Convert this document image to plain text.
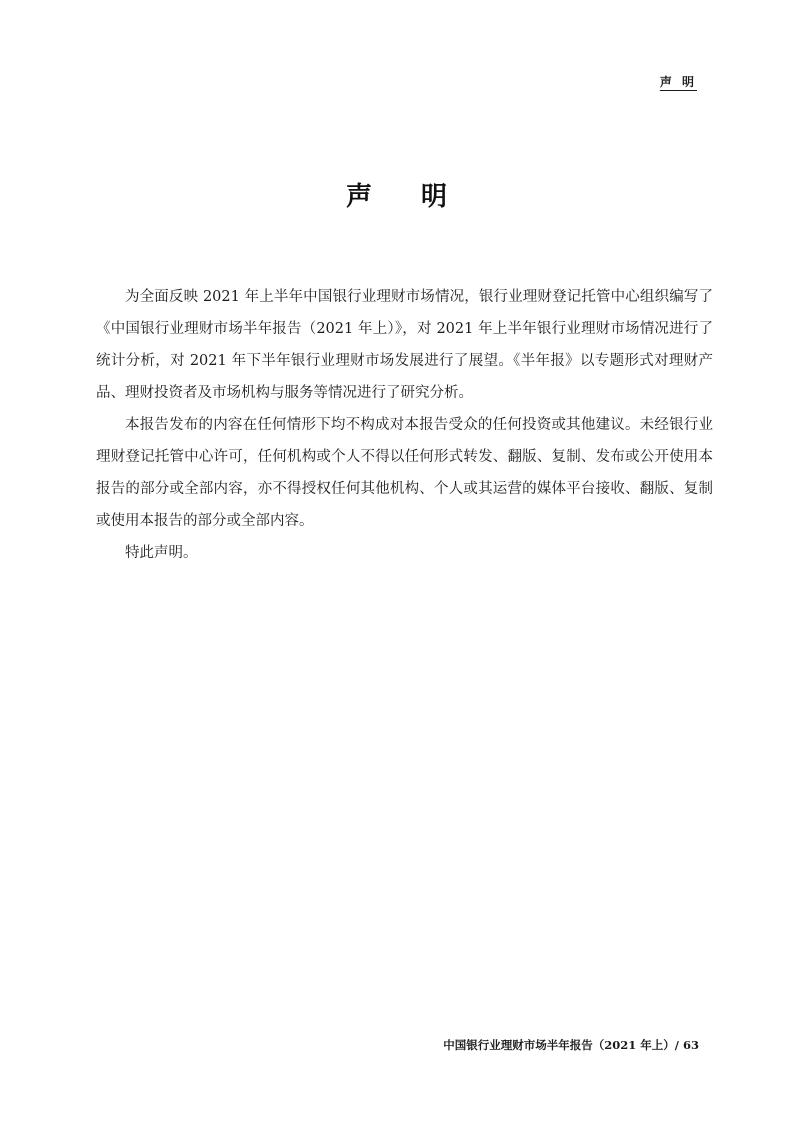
声 明
声 明

为全面反映 2021 年上半年中国银行业理财市场情况，银行业理财登记托管中心组织编写了《中国银行业理财市场半年报告（2021 年上）》，对 2021 年上半年银行业理财市场情况进行了统计分析，对 2021 年下半年银行业理财市场发展进行了展望。《半年报》以专题形式对理财产品、理财投资者及市场机构与服务等情况进行了研究分析。

本报告发布的内容在任何情形下均不构成对本报告受众的任何投资或其他建议。未经银行业理财登记托管中心许可，任何机构或个人不得以任何形式转发、翻版、复制、发布或公开使用本报告的部分或全部内容，亦不得授权任何其他机构、个人或其运营的媒体平台接收、翻版、复制或使用本报告的部分或全部内容。

特此声明。

中国银行业理财市场半年报告（2021 年上）/ 63
